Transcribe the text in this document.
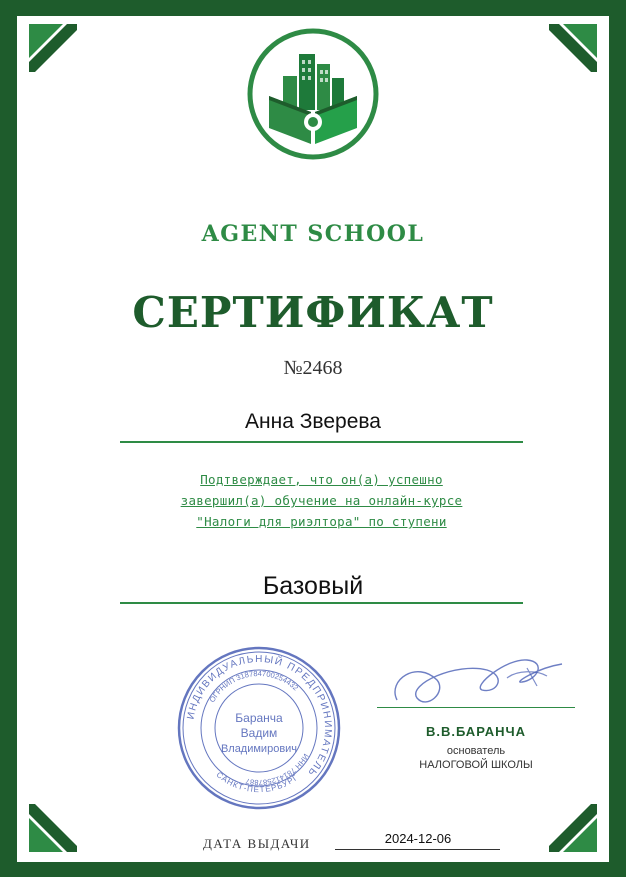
AGENT SCHOOL
СЕРТИФИКАТ
№2468
Анна Зверева
Подтверждает, что он(а) успешно
завершил(а) обучение на онлайн-курсе
"Налоги для риэлтора" по ступени
Базовый
ИНДИВИДУАЛЬНЫЙ ПРЕДПРИНИМАТЕЛЬ
ОГРНИП 318784700254432
ИНН 781412587887
САНКТ-ПЕТЕРБУРГ
Баранча
Вадим
Владимирович
В.В.БАРАНЧА
основатель
НАЛОГОВОЙ ШКОЛЫ
ДАТА ВЫДАЧИ	2024-12-06
